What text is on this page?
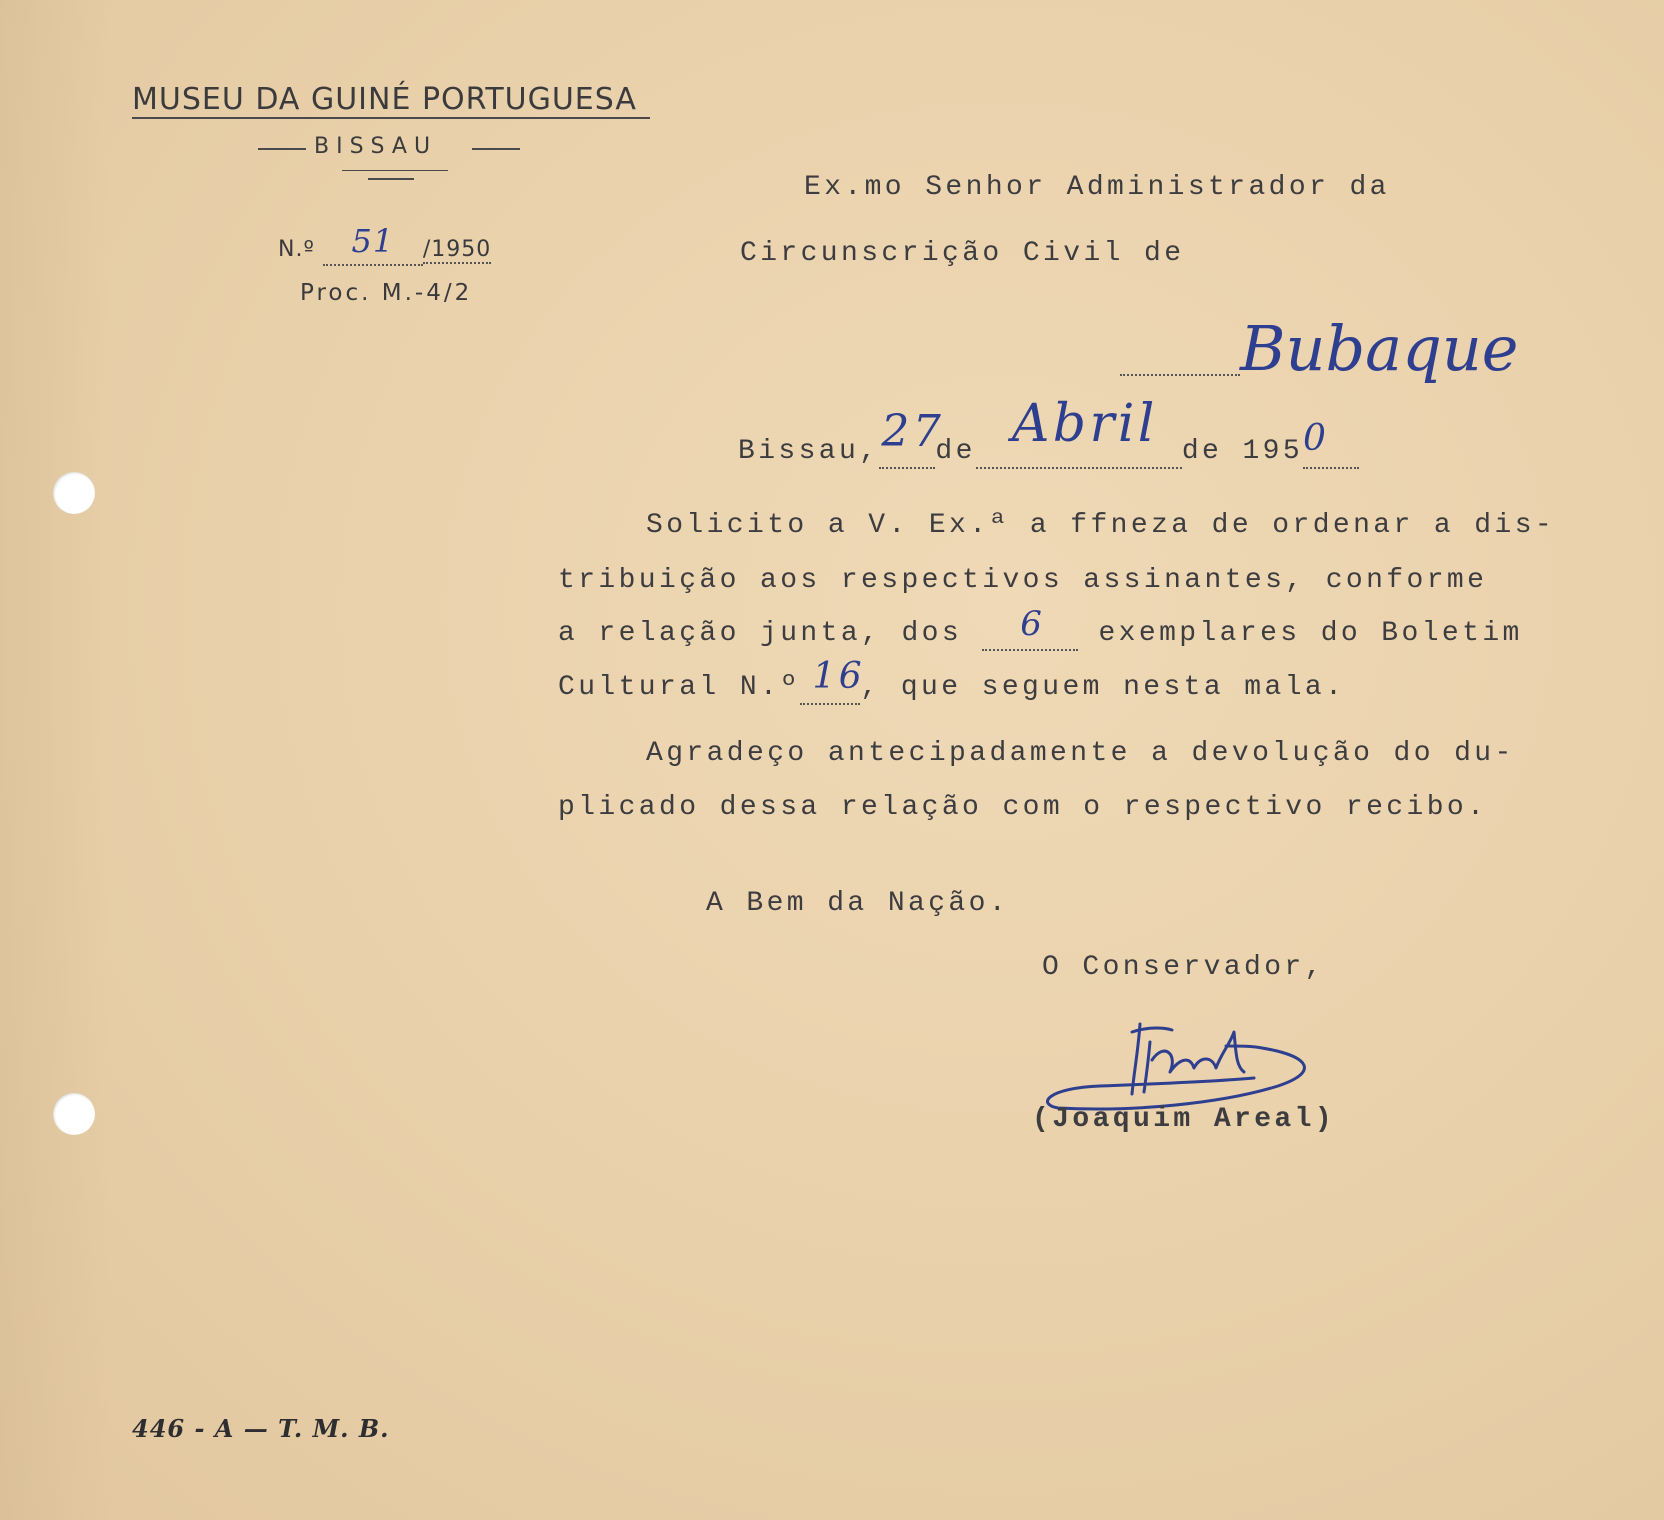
MUSEU DA GUINÉ PORTUGUESA
BISSAU
N.º 51 /1950
Proc. M.-4/2
Ex.mo Senhor Administrador da
Circunscrição Civil de
Bubaque
Bissau, 27
de Abril de 195 0

Solicito a V. Ex.ª a ffneza de ordenar a dis-
tribuição aos respectivos assinantes, conforme
a relação junta, dos 6 exemplares do Boletim
Cultural N.º 16
, que seguem nesta mala.
Agradeço antecipadamente a devolução do du-
plicado dessa relação com o respectivo recibo.
A Bem da Nação.
O Conservador,
(Joaquim Areal)
446 - A — T. M. B.
